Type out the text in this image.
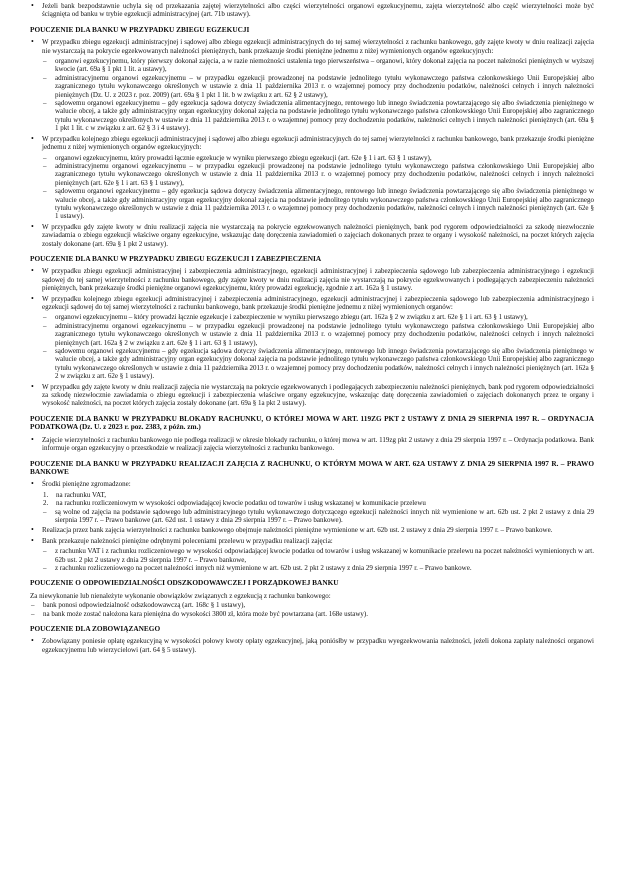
• Jeżeli bank bezpodstawnie uchyla się od przekazania zajętej wierzytelności albo części wierzytelności organowi egzekucyjnemu, zajęta wierzytelność albo część wierzytelności może być ściągnięta od banku w trybie egzekucji administracyjnej (art. 71b ustawy).

POUCZENIE DLA BANKU W PRZYPADKU ZBIEGU EGZEKUCJI

• W przypadku zbiegu egzekucji administracyjnej i sądowej albo zbiegu egzekucji administracyjnych do tej samej wierzytelności z rachunku bankowego, gdy zajęte kwoty w dniu realizacji zajęcia nie wystarczają na pokrycie egzekwowanych należności pieniężnych, bank przekazuje środki pieniężne jednemu z niżej wymienionych organów egzekucyjnych:

– organowi egzekucyjnemu, który pierwszy dokonał zajęcia, a w razie niemożności ustalenia tego pierwszeństwa – organowi, który dokonał zajęcia na poczet należności pieniężnych w wyższej kwocie (art. 69a § 1 pkt 1 lit. a ustawy),

– administracyjnemu organowi egzekucyjnemu – w przypadku egzekucji prowadzonej na podstawie jednolitego tytułu wykonawczego państwa członkowskiego Unii Europejskiej albo zagranicznego tytułu wykonawczego określonych w ustawie z dnia 11 października 2013 r. o wzajemnej pomocy przy dochodzeniu podatków, należności celnych i innych należności pieniężnych (Dz. U. z 2023 r. poz. 2009) (art. 69a § 1 pkt 1 lit. b w związku z art. 62 § 2 ustawy),

– sądowemu organowi egzekucyjnemu – gdy egzekucja sądowa dotyczy świadczenia alimentacyjnego, rentowego lub innego świadczenia powtarzającego się albo świadczenia pieniężnego w walucie obcej, a także gdy administracyjny organ egzekucyjny dokonał zajęcia na podstawie jednolitego tytułu wykonawczego państwa członkowskiego Unii Europejskiej albo zagranicznego tytułu wykonawczego określonych w ustawie z dnia 11 października 2013 r. o wzajemnej pomocy przy dochodzeniu podatków, należności celnych i innych należności pieniężnych (art. 69a § 1 pkt 1 lit. c w związku z art. 62 § 3 i 4 ustawy).

• W przypadku kolejnego zbiegu egzekucji administracyjnej i sądowej albo zbiegu egzekucji administracyjnych do tej samej wierzytelności z rachunku bankowego, bank przekazuje środki pieniężne jednemu z niżej wymienionych organów egzekucyjnych:

– organowi egzekucyjnemu, który prowadzi łącznie egzekucje w wyniku pierwszego zbiegu egzekucji (art. 62e § 1 i art. 63 § 1 ustawy),

– administracyjnemu organowi egzekucyjnemu – w przypadku egzekucji prowadzonej na podstawie jednolitego tytułu wykonawczego państwa członkowskiego Unii Europejskiej albo zagranicznego tytułu wykonawczego określonych w ustawie z dnia 11 października 2013 r. o wzajemnej pomocy przy dochodzeniu podatków, należności celnych i innych należności pieniężnych (art. 62e § 1 i art. 63 § 1 ustawy),

– sądowemu organowi egzekucyjnemu – gdy egzekucja sądowa dotyczy świadczenia alimentacyjnego, rentowego lub innego świadczenia powtarzającego się albo świadczenia pieniężnego w walucie obcej, a także gdy administracyjny organ egzekucyjny dokonał zajęcia na podstawie jednolitego tytułu wykonawczego państwa członkowskiego Unii Europejskiej albo zagranicznego tytułu wykonawczego określonych w ustawie z dnia 11 października 2013 r. o wzajemnej pomocy przy dochodzeniu podatków, należności celnych i innych należności pieniężnych (art. 62e § 1 ustawy).

• W przypadku gdy zajęte kwoty w dniu realizacji zajęcia nie wystarczają na pokrycie egzekwowanych należności pieniężnych, bank pod rygorem odpowiedzialności za szkodę niezwłocznie zawiadamia o zbiegu egzekucji właściwe organy egzekucyjne, wskazując datę doręczenia zawiadomień o zajęciach dokonanych przez te organy i wysokość należności, na poczet których zajęcia zostały dokonane (art. 69a § 1 pkt 2 ustawy).

POUCZENIE DLA BANKU W PRZYPADKU ZBIEGU EGZEKUCJI I ZABEZPIECZENIA

• W przypadku zbiegu egzekucji administracyjnej i zabezpieczenia administracyjnego, egzekucji administracyjnej i zabezpieczenia sądowego lub zabezpieczenia administracyjnego i egzekucji sądowej do tej samej wierzytelności z rachunku bankowego, gdy zajęte kwoty w dniu realizacji zajęcia nie wystarczają na pokrycie egzekwowanych i podlegających zabezpieczeniu należności pieniężnych, bank przekazuje środki pieniężne organowi egzekucyjnemu, który prowadzi egzekucję, zgodnie z art. 162a § 1 ustawy.

• W przypadku kolejnego zbiegu egzekucji administracyjnej i zabezpieczenia administracyjnego, egzekucji administracyjnej i zabezpieczenia sądowego lub zabezpieczenia administracyjnego i egzekucji sądowej do tej samej wierzytelności z rachunku bankowego, bank przekazuje środki pieniężne jednemu z niżej wymienionych organów:

– organowi egzekucyjnemu – który prowadzi łącznie egzekucje i zabezpieczenie w wyniku pierwszego zbiegu (art. 162a § 2 w związku z art. 62e § 1 i art. 63 § 1 ustawy),

– administracyjnemu organowi egzekucyjnemu – w przypadku egzekucji prowadzonej na podstawie jednolitego tytułu wykonawczego państwa członkowskiego Unii Europejskiej albo zagranicznego tytułu wykonawczego określonych w ustawie z dnia 11 października 2013 r. o wzajemnej pomocy przy dochodzeniu podatków, należności celnych i innych należności pieniężnych (art. 162a § 2 w związku z art. 62e § 1 i art. 63 § 1 ustawy),

– sądowemu organowi egzekucyjnemu – gdy egzekucja sądowa dotyczy świadczenia alimentacyjnego, rentowego lub innego świadczenia powtarzającego się albo świadczenia pieniężnego w walucie obcej, a także gdy administracyjny organ egzekucyjny dokonał zajęcia na podstawie jednolitego tytułu wykonawczego państwa członkowskiego Unii Europejskiej albo zagranicznego tytułu wykonawczego określonych w ustawie z dnia 11 października 2013 r. o wzajemnej pomocy przy dochodzeniu podatków, należności celnych i innych należności pieniężnych (art. 162a § 2 w związku z art. 62e § 1 ustawy).

• W przypadku gdy zajęte kwoty w dniu realizacji zajęcia nie wystarczają na pokrycie egzekwowanych i podlegających zabezpieczeniu należności pieniężnych, bank pod rygorem odpowiedzialności za szkodę niezwłocznie zawiadamia o zbiegu egzekucji i zabezpieczenia właściwe organy egzekucyjne, wskazując datę doręczenia zawiadomień o zajęciach dokonanych przez te organy i wysokość należności, na poczet których zajęcia zostały dokonane (art. 69a § 1a pkt 2 ustawy).

POUCZENIE DLA BANKU W PRZYPADKU BLOKADY RACHUNKU, O KTÓREJ MOWA W ART. 119ZG PKT 2 USTAWY Z DNIA 29 SIERPNIA 1997 R. – ORDYNACJA PODATKOWA (Dz. U. z 2023 r. poz. 2383, z późn. zm.)

• Zajęcie wierzytelności z rachunku bankowego nie podlega realizacji w okresie blokady rachunku, o której mowa w art. 119zg pkt 2 ustawy z dnia 29 sierpnia 1997 r. – Ordynacja podatkowa. Bank informuje organ egzekucyjny o przeszkodzie w realizacji zajęcia wierzytelności z rachunku bankowego.

POUCZENIE DLA BANKU W PRZYPADKU REALIZACJI ZAJĘCIA Z RACHUNKU, O KTÓRYM MOWA W ART. 62A USTAWY Z DNIA 29 SIERPNIA 1997 R. – PRAWO BANKOWE

• Środki pieniężne zgromadzone:

1. na rachunku VAT,

2. na rachunku rozliczeniowym w wysokości odpowiadającej kwocie podatku od towarów i usług wskazanej w komunikacie przelewu

– są wolne od zajęcia na podstawie sądowego lub administracyjnego tytułu wykonawczego dotyczącego egzekucji należności innych niż wymienione w art. 62b ust. 2 pkt 2 ustawy z dnia 29 sierpnia 1997 r. – Prawo bankowe (art. 62d ust. 1 ustawy z dnia 29 sierpnia 1997 r. – Prawo bankowe).

• Realizacja przez bank zajęcia wierzytelności z rachunku bankowego obejmuje należności pieniężne wymienione w art. 62b ust. 2 ustawy z dnia 29 sierpnia 1997 r. – Prawo bankowe.

• Bank przekazuje należności pieniężne odrębnymi poleceniami przelewu w przypadku realizacji zajęcia:

– z rachunku VAT i z rachunku rozliczeniowego w wysokości odpowiadającej kwocie podatku od towarów i usług wskazanej w komunikacie przelewu na poczet należności wymienionych w art. 62b ust. 2 pkt 2 ustawy z dnia 29 sierpnia 1997 r. – Prawo bankowe,

– z rachunku rozliczeniowego na poczet należności innych niż wymienione w art. 62b ust. 2 pkt 2 ustawy z dnia 29 sierpnia 1997 r. – Prawo bankowe.

POUCZENIE O ODPOWIEDZIALNOŚCI ODSZKODOWAWCZEJ I PORZĄDKOWEJ BANKU

Za niewykonanie lub nienależyte wykonanie obowiązków związanych z egzekucją z rachunku bankowego:

– bank ponosi odpowiedzialność odszkodowawczą (art. 168c § 1 ustawy),

– na bank może zostać nałożona kara pieniężna do wysokości 3800 zł, która może być powtarzana (art. 168e ustawy).

POUCZENIE DLA ZOBOWIĄZANEGO

• Zobowiązany poniesie opłatę egzekucyjną w wysokości połowy kwoty opłaty egzekucyjnej, jaką poniósłby w przypadku wyegzekwowania należności, jeżeli dokona zapłaty należności organowi egzekucyjnemu lub wierzycielowi (art. 64 § 5 ustawy).
